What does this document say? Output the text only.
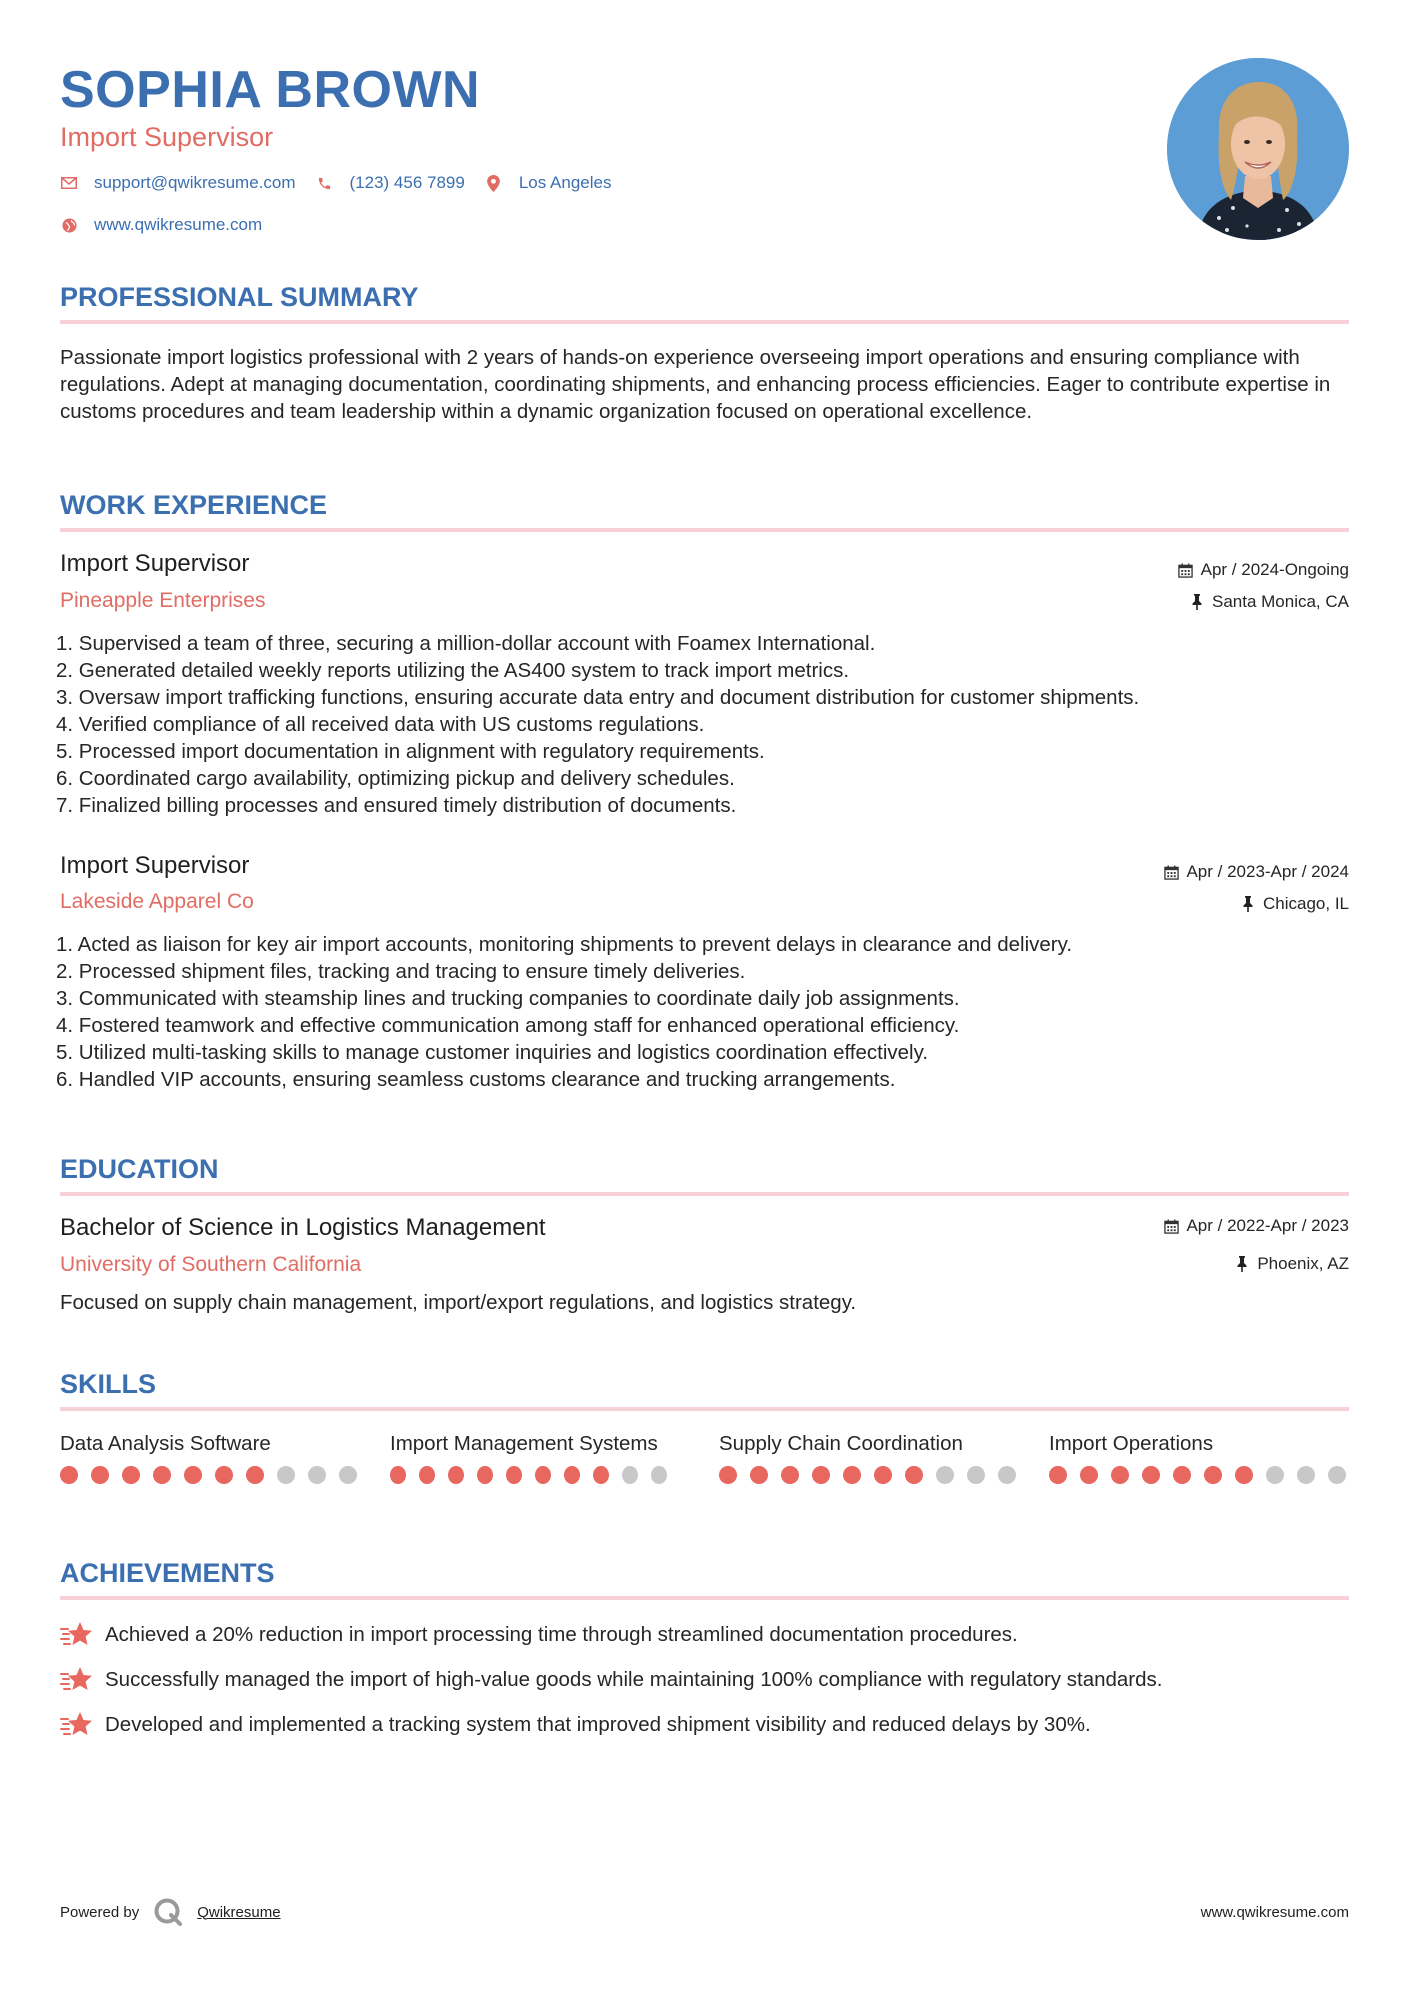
SOPHIA BROWN
Import Supervisor
support@qwikresume.com	(123) 456 7899	Los Angeles
www.qwikresume.com
PROFESSIONAL SUMMARY
Passionate import logistics professional with 2 years of hands-on experience overseeing import operations and ensuring compliance with regulations. Adept at managing documentation, coordinating shipments, and enhancing process efficiencies. Eager to contribute expertise in customs procedures and team leadership within a dynamic organization focused on operational excellence.
WORK EXPERIENCE
Import Supervisor
Pineapple Enterprises
Apr / 2024-Ongoing
Santa Monica, CA
1. Supervised a team of three, securing a million-dollar account with Foamex International.
2. Generated detailed weekly reports utilizing the AS400 system to track import metrics.
3. Oversaw import trafficking functions, ensuring accurate data entry and document distribution for customer shipments.
4. Verified compliance of all received data with US customs regulations.
5. Processed import documentation in alignment with regulatory requirements.
6. Coordinated cargo availability, optimizing pickup and delivery schedules.
7. Finalized billing processes and ensured timely distribution of documents.
Import Supervisor
Lakeside Apparel Co
Apr / 2023-Apr / 2024
Chicago, IL
1. Acted as liaison for key air import accounts, monitoring shipments to prevent delays in clearance and delivery.
2. Processed shipment files, tracking and tracing to ensure timely deliveries.
3. Communicated with steamship lines and trucking companies to coordinate daily job assignments.
4. Fostered teamwork and effective communication among staff for enhanced operational efficiency.
5. Utilized multi-tasking skills to manage customer inquiries and logistics coordination effectively.
6. Handled VIP accounts, ensuring seamless customs clearance and trucking arrangements.
EDUCATION
Bachelor of Science in Logistics Management
University of Southern California
Apr / 2022-Apr / 2023
Phoenix, AZ
Focused on supply chain management, import/export regulations, and logistics strategy.
SKILLS
Data Analysis Software	Import Management Systems	Supply Chain Coordination	Import Operations
ACHIEVEMENTS
Achieved a 20% reduction in import processing time through streamlined documentation procedures.
Successfully managed the import of high-value goods while maintaining 100% compliance with regulatory standards.
Developed and implemented a tracking system that improved shipment visibility and reduced delays by 30%.
Powered by	Qwikresume	www.qwikresume.com
